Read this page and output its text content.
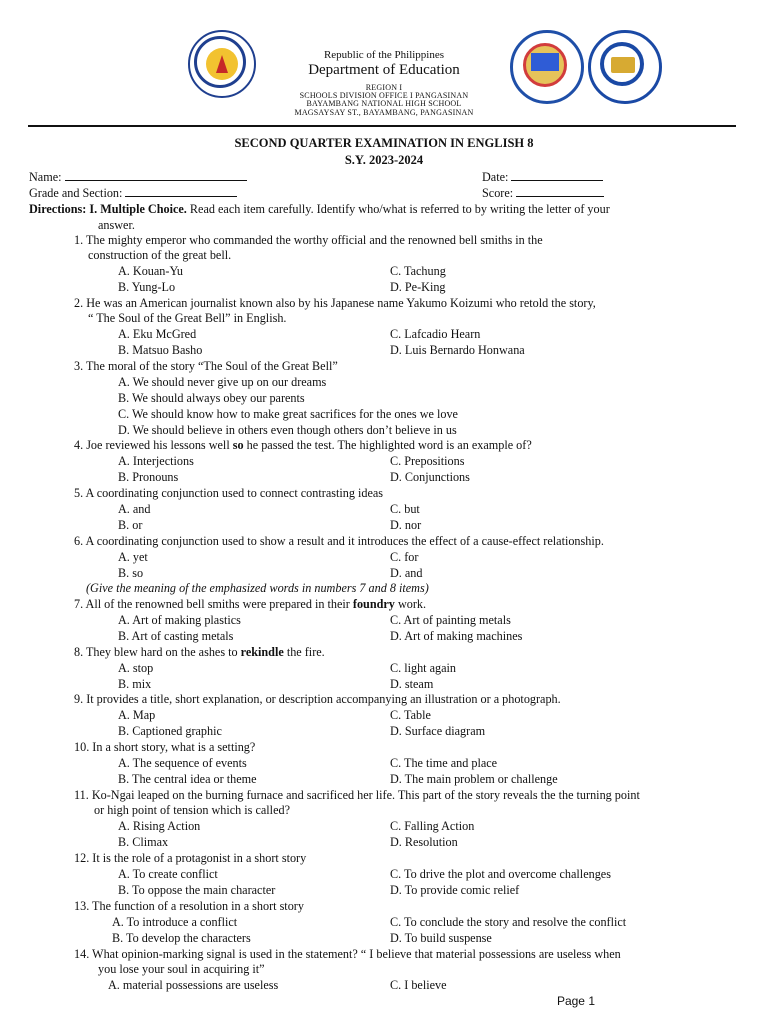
Republic of the Philippines
Department of Education
REGION I
SCHOOLS DIVISION OFFICE I PANGASINAN
BAYAMBANG NATIONAL HIGH SCHOOL
MAGSAYSAY ST., BAYAMBANG, PANGASINAN
SECOND QUARTER EXAMINATION IN ENGLISH 8
S.Y. 2023-2024
Name:	Date:
Grade and Section:	Score:
Directions: I. Multiple Choice. Read each item carefully. Identify who/what is referred to by writing the letter of your
answer.
1. The mighty emperor who commanded the worthy official and the renowned bell smiths in the
construction of the great bell.
A. Kouan-Yu	C. Tachung
B. Yung-Lo	D. Pe-King
2. He was an American journalist known also by his Japanese name Yakumo Koizumi who retold the story,
“ The Soul of the Great Bell” in English.
A. Eku McGred	C. Lafcadio Hearn
B. Matsuo Basho	D. Luis Bernardo Honwana
3. The moral of the story “The Soul of the Great Bell”
A. We should never give up on our dreams
B. We should always obey our parents
C. We should know how to make great sacrifices for the ones we love
D. We should believe in others even though others don’t believe in us
4. Joe reviewed his lessons well so he passed the test. The highlighted word is an example of?
A. Interjections	C. Prepositions
B. Pronouns	D. Conjunctions
5. A coordinating conjunction used to connect contrasting ideas
A. and	C. but
B. or	D. nor
6. A coordinating conjunction used to show a result and it introduces the effect of a cause-effect relationship.
A. yet	C. for
B. so	D. and
(Give the meaning of the emphasized words in numbers 7 and 8 items)
7. All of the renowned bell smiths were prepared in their foundry work.
A. Art of making plastics	C. Art of painting metals
B. Art of casting metals	D. Art of making machines
8. They blew hard on the ashes to rekindle the fire.
A. stop	C. light again
B. mix	D. steam
9. It provides a title, short explanation, or description accompanying an illustration or a photograph.
A. Map	C. Table
B. Captioned graphic	D. Surface diagram
10. In a short story, what is a setting?
A. The sequence of events	C. The time and place
B. The central idea or theme	D. The main problem or challenge
11. Ko-Ngai leaped on the burning furnace and sacrificed her life. This part of the story reveals the the turning point
or high point of tension which is called?
A. Rising Action	C. Falling Action
B. Climax	D. Resolution
12. It is the role of a protagonist in a short story
A. To create conflict	C. To drive the plot and overcome challenges
B. To oppose the main character	D. To provide comic relief
13. The function of a resolution in a short story
A. To introduce a conflict	C. To conclude the story and resolve the conflict
B. To develop the characters	D. To build suspense
14. What opinion-marking signal is used in the statement? “ I believe that material possessions are useless when
you lose your soul in acquiring it”
A. material possessions are useless	C. I believe
Page 1
